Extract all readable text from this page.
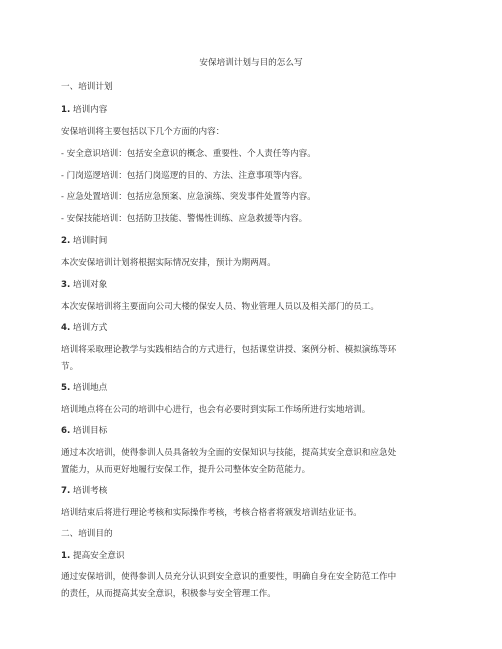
安保培训计划与目的怎么写

一、培训计划

1. 培训内容

安保培训将主要包括以下几个方面的内容：

- 安全意识培训：包括安全意识的概念、重要性、个人责任等内容。

- 门岗巡逻培训：包括门岗巡逻的目的、方法、注意事项等内容。

- 应急处置培训：包括应急预案、应急演练、突发事件处置等内容。

- 安保技能培训：包括防卫技能、警惕性训练、应急救援等内容。

2. 培训时间

本次安保培训计划将根据实际情况安排，预计为期两周。

3. 培训对象

本次安保培训将主要面向公司大楼的保安人员、物业管理人员以及相关部门的员工。

4. 培训方式

培训将采取理论教学与实践相结合的方式进行，包括课堂讲授、案例分析、模拟演练等环

节。

5. 培训地点

培训地点将在公司的培训中心进行，也会有必要时到实际工作场所进行实地培训。

6. 培训目标

通过本次培训，使得参训人员具备较为全面的安保知识与技能，提高其安全意识和应急处

置能力，从而更好地履行安保工作，提升公司整体安全防范能力。

7. 培训考核

培训结束后将进行理论考核和实际操作考核，考核合格者将颁发培训结业证书。

二、培训目的

1. 提高安全意识

通过安保培训，使得参训人员充分认识到安全意识的重要性，明确自身在安全防范工作中

的责任，从而提高其安全意识，积极参与安全管理工作。
